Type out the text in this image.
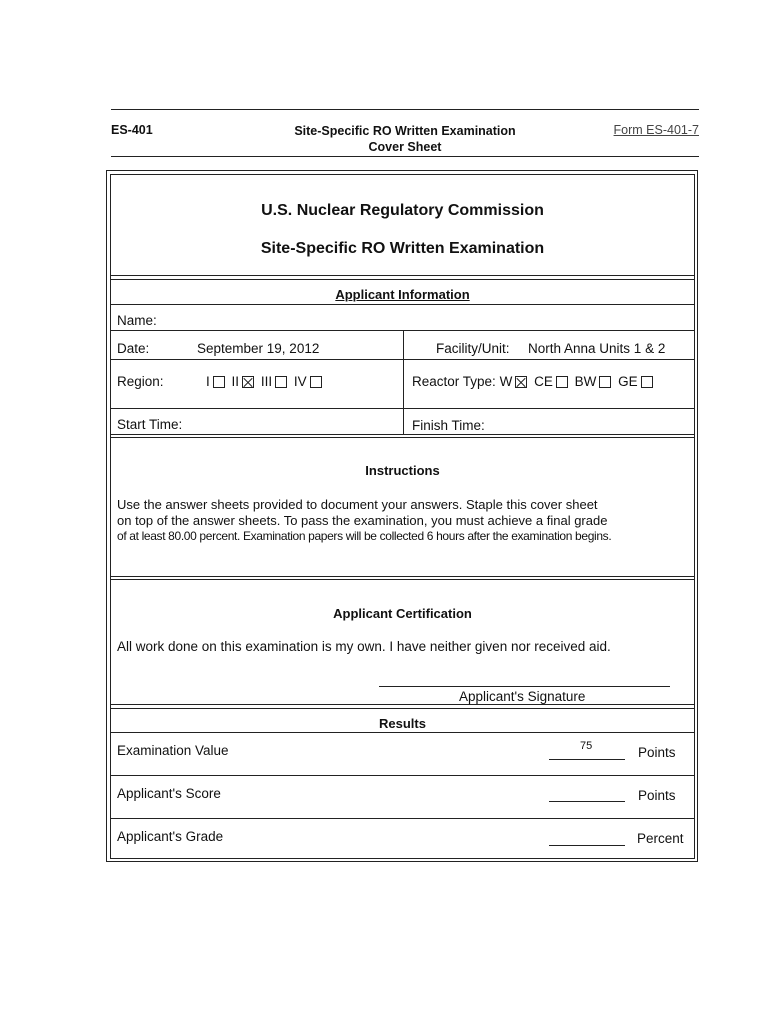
ES-401	Site-Specific RO Written Examination
Cover Sheet
Form ES-401-7
U.S. Nuclear Regulatory Commission
Site-Specific RO Written Examination
Applicant Information
Name:
Date:	September 19, 2012	Facility/Unit: North Anna Units 1 & 2
Region:	I II III IV	Reactor Type: W CE BW GE
Start Time:	Finish Time:
Instructions
Use the answer sheets provided to document your answers. Staple this cover sheet
on top of the answer sheets. To pass the examination, you must achieve a final grade
of at least 80.00 percent. Examination papers will be collected 6 hours after the examination begins.
Applicant Certification
All work done on this examination is my own. I have neither given nor received aid.
Applicant's Signature
Results
Examination Value	75	Points
Applicant's Score	Points
Applicant's Grade	Percent
